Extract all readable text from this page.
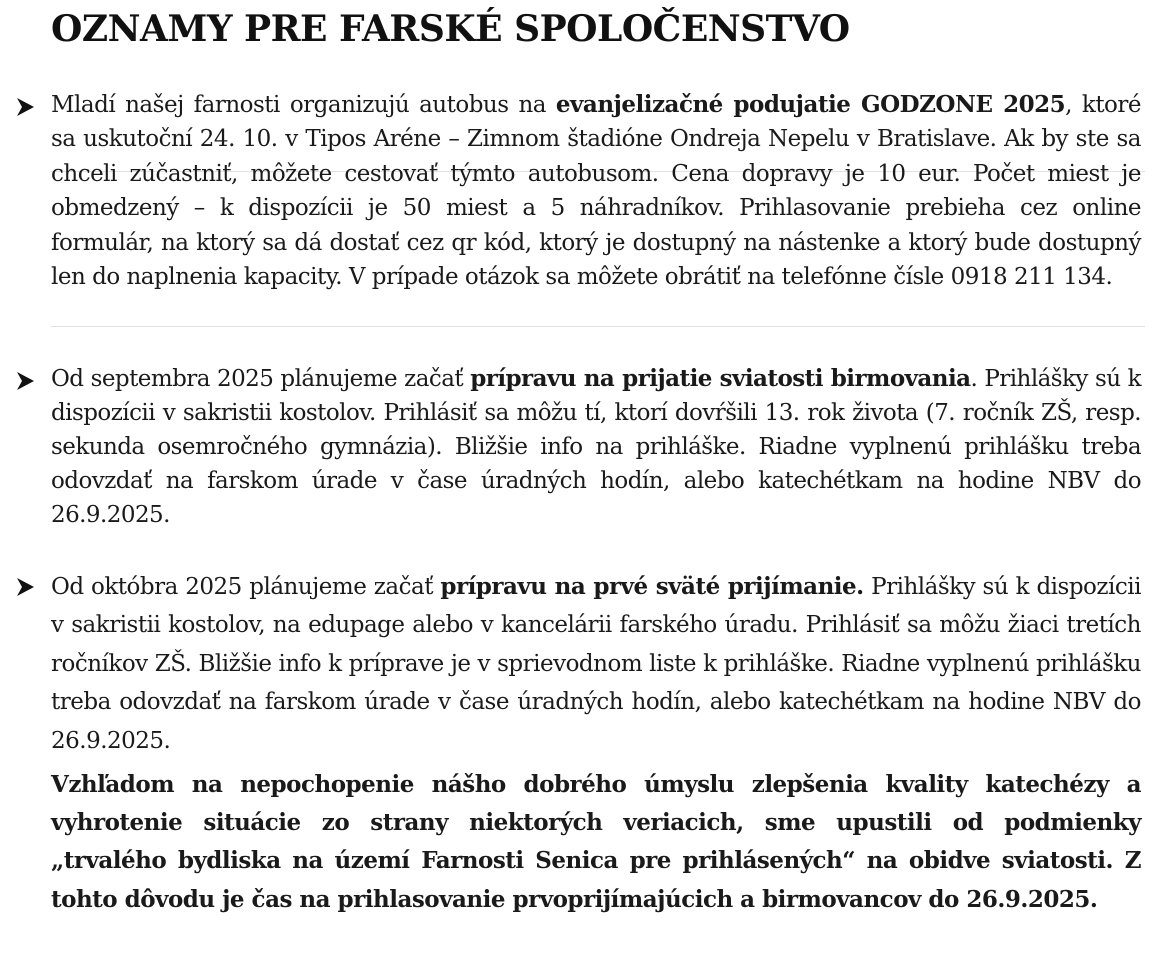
OZNAMY PRE FARSKÉ SPOLOČENSTVO

Mladí našej farnosti organizujú autobus na evanjelizačné podujatie GODZONE 2025, ktoré sa uskutoční 24. 10. v Tipos Aréne – Zimnom štadióne Ondreja Nepelu v Bratislave. Ak by ste sa chceli zúčastniť, môžete cestovať týmto autobusom. Cena dopravy je 10 eur. Počet miest je obmedzený – k dispozícii je 50 miest a 5 náhradníkov. Prihlasovanie prebieha cez online formulár, na ktorý sa dá dostať cez qr kód, ktorý je dostupný na nástenke a ktorý bude dostupný len do naplnenia kapacity. V prípade otázok sa môžete obrátiť na telefónne čísle 0918 211 134.

Od septembra 2025 plánujeme začať prípravu na prijatie sviatosti birmovania. Prihlášky sú k dispozícii v sakristii kostolov. Prihlásiť sa môžu tí, ktorí dovŕšili 13. rok života (7. ročník ZŠ, resp. sekunda osemročného gymnázia). Bližšie info na prihláške. Riadne vyplnenú prihlášku treba odovzdať na farskom úrade v čase úradných hodín, alebo katechétkam na hodine NBV do 26.9.2025.

Od októbra 2025 plánujeme začať prípravu na prvé sväté prijímanie. Prihlášky sú k dispozícii v sakristii kostolov, na edupage alebo v kancelárii farského úradu. Prihlásiť sa môžu žiaci tretích ročníkov ZŠ. Bližšie info k príprave je v sprievodnom liste k prihláške. Riadne vyplnenú prihlášku treba odovzdať na farskom úrade v čase úradných hodín, alebo katechétkam na hodine NBV do 26.9.2025.

Vzhľadom na nepochopenie nášho dobrého úmyslu zlepšenia kvality katechézy a vyhrotenie situácie zo strany niektorých veriacich, sme upustili od podmienky „trvalého bydliska na území Farnosti Senica pre prihlásených“ na obidve sviatosti. Z tohto dôvodu je čas na prihlasovanie prvoprijímajúcich a birmovancov do 26.9.2025.
